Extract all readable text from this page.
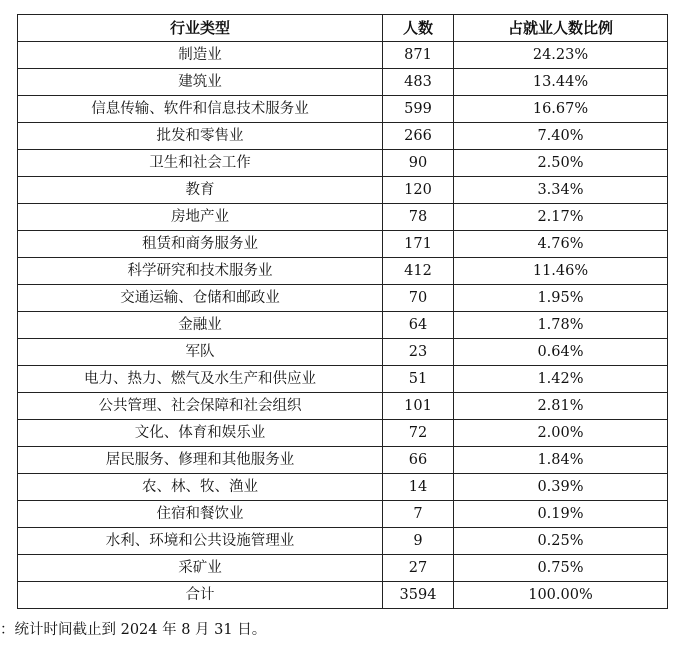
行业类型	人数	占就业人数比例
制造业	871	24.23%
建筑业	483	13.44%
信息传输、软件和信息技术服务业	599	16.67%
批发和零售业	266	7.40%
卫生和社会工作	90	2.50%
教育	120	3.34%
房地产业	78	2.17%
租赁和商务服务业	171	4.76%
科学研究和技术服务业	412	11.46%
交通运输、仓储和邮政业	70	1.95%
金融业	64	1.78%
军队	23	0.64%
电力、热力、燃气及水生产和供应业	51	1.42%
公共管理、社会保障和社会组织	101	2.81%
文化、体育和娱乐业	72	2.00%
居民服务、修理和其他服务业	66	1.84%
农、林、牧、渔业	14	0.39%
住宿和餐饮业	7	0.19%
水利、环境和公共设施管理业	9	0.25%
采矿业	27	0.75%
合计	3594	100.00%
：统计时间截止到 2024 年 8 月 31 日。
